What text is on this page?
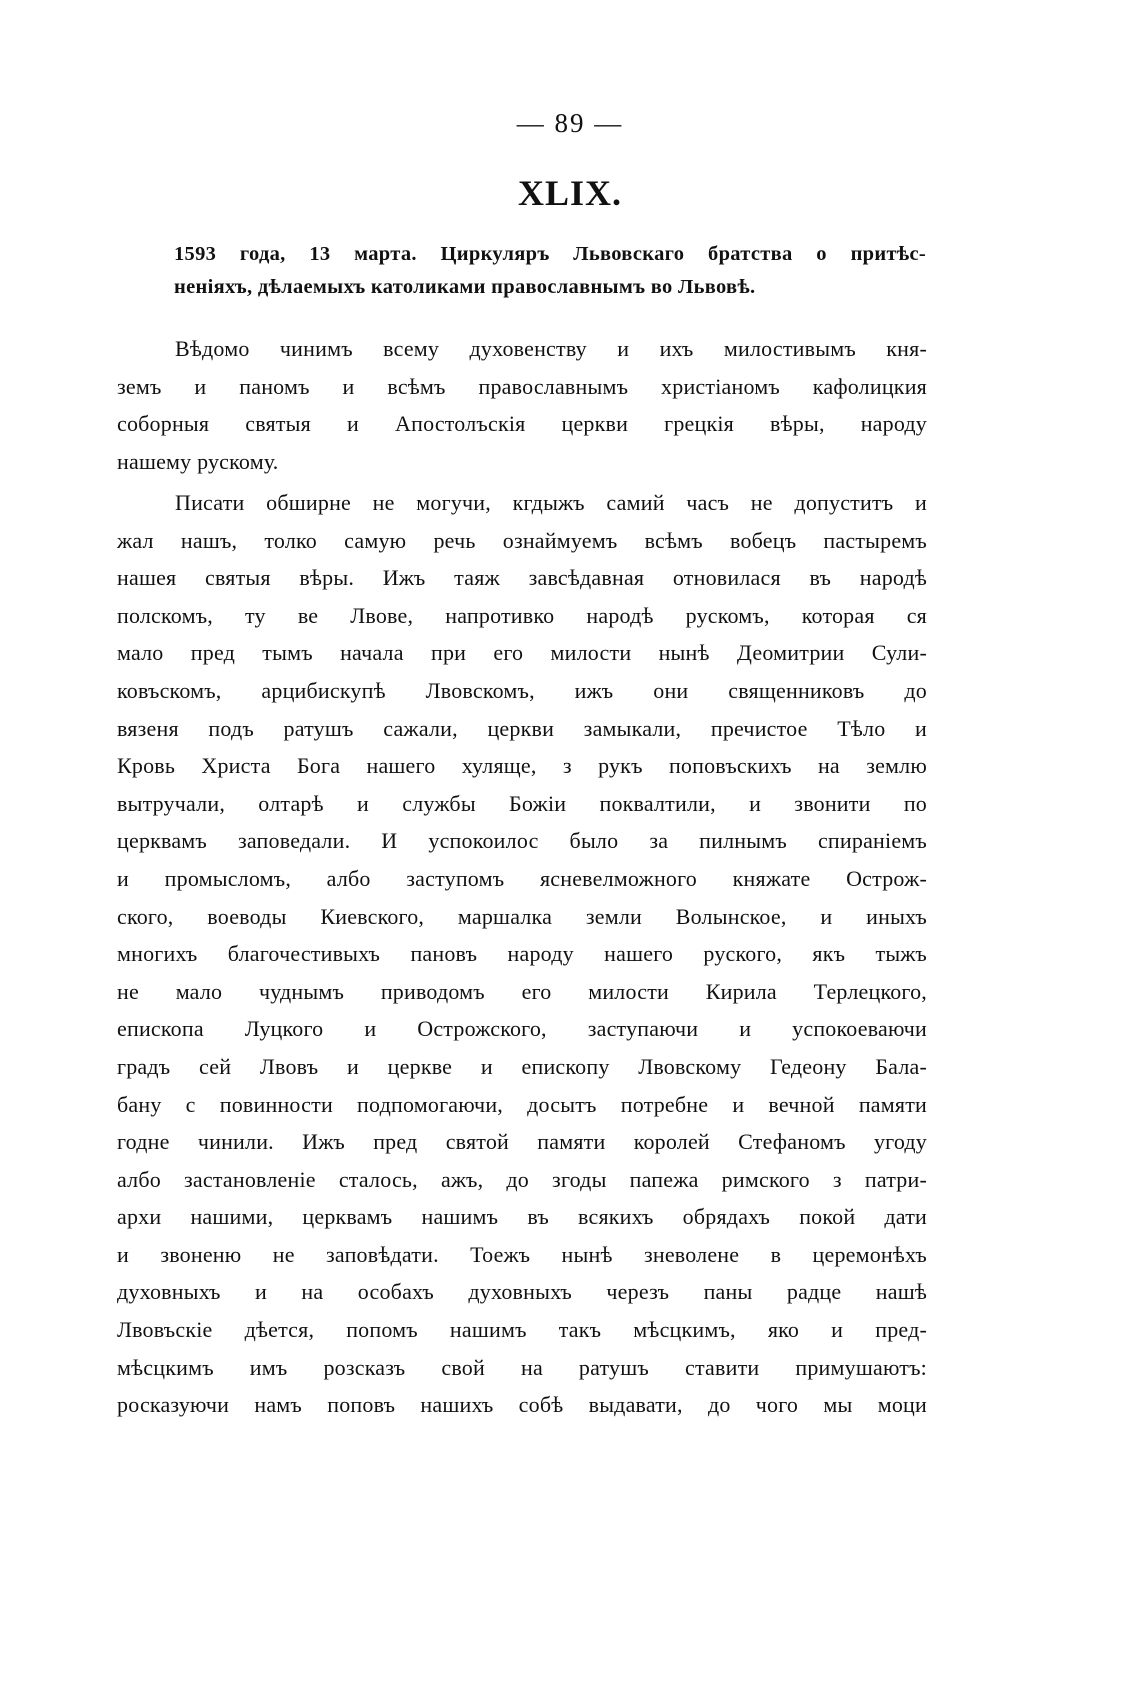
— 89 —
XLIX.
1593 года, 13 марта. Циркуляръ Львовскаго братства о притѣс-
неніяхъ, дѣлаемыхъ католиками православнымъ во Львовѣ.
Вѣдомо чинимъ всему духовенству и ихъ милостивымъ кня-
земъ и паномъ и всѣмъ православнымъ христіаномъ кафолицкия
соборныя святыя и Апостолъскія церкви грецкія вѣры, народу
нашему рускому.
Писати обширне не могучи, кгдыжъ самий часъ не допуститъ и
жал нашъ, толко самую речь ознаймуемъ всѣмъ вобецъ пастыремъ
нашея святыя вѣры. Ижъ таяж завсѣдавная отновилася въ народѣ
полскомъ, ту ве Лвове, напротивко народѣ рускомъ, которая ся
мало пред тымъ начала при его милости нынѣ Деомитрии Сули-
ковъскомъ, арцибискупѣ Лвовскомъ, ижъ они священниковъ до
вязеня подъ ратушъ сажали, церкви замыкали, пречистое Тѣло и
Кровь Христа Бога нашего хуляще, з рукъ поповъскихъ на землю
вытручали, олтарѣ и службы Божіи поквалтили, и звонити по
церквамъ заповедали. И успокоилос было за пилнымъ спираніемъ
и промысломъ, албо заступомъ ясневелможного княжате Острож-
ского, воеводы Киевского, маршалка земли Волынское, и иныхъ
многихъ благочестивыхъ пановъ народу нашего руского, якъ тыжъ
не мало чуднымъ приводомъ его милости Кирила Терлецкого,
епископа Луцкого и Острожского, заступаючи и успокоеваючи
градъ сей Лвовъ и церкве и епископу Лвовскому Гедеону Бала-
бану с повинности подпомогаючи, досытъ потребне и вечной памяти
годне чинили. Ижъ пред святой памяти королей Стефаномъ угоду
албо застановленіе сталось, ажъ, до згоды папежа римского з патри-
архи нашими, церквамъ нашимъ въ всякихъ обрядахъ покой дати
и звоненю не заповѣдати. Тоежъ нынѣ зневолене в церемонѣхъ
духовныхъ и на особахъ духовныхъ черезъ паны радце нашѣ
Лвовъскіе дѣется, попомъ нашимъ такъ мѣсцкимъ, яко и пред-
мѣсцкимъ имъ розсказъ свой на ратушъ ставити примушаютъ:
росказуючи намъ поповъ нашихъ собѣ выдавати, до чого мы моци
